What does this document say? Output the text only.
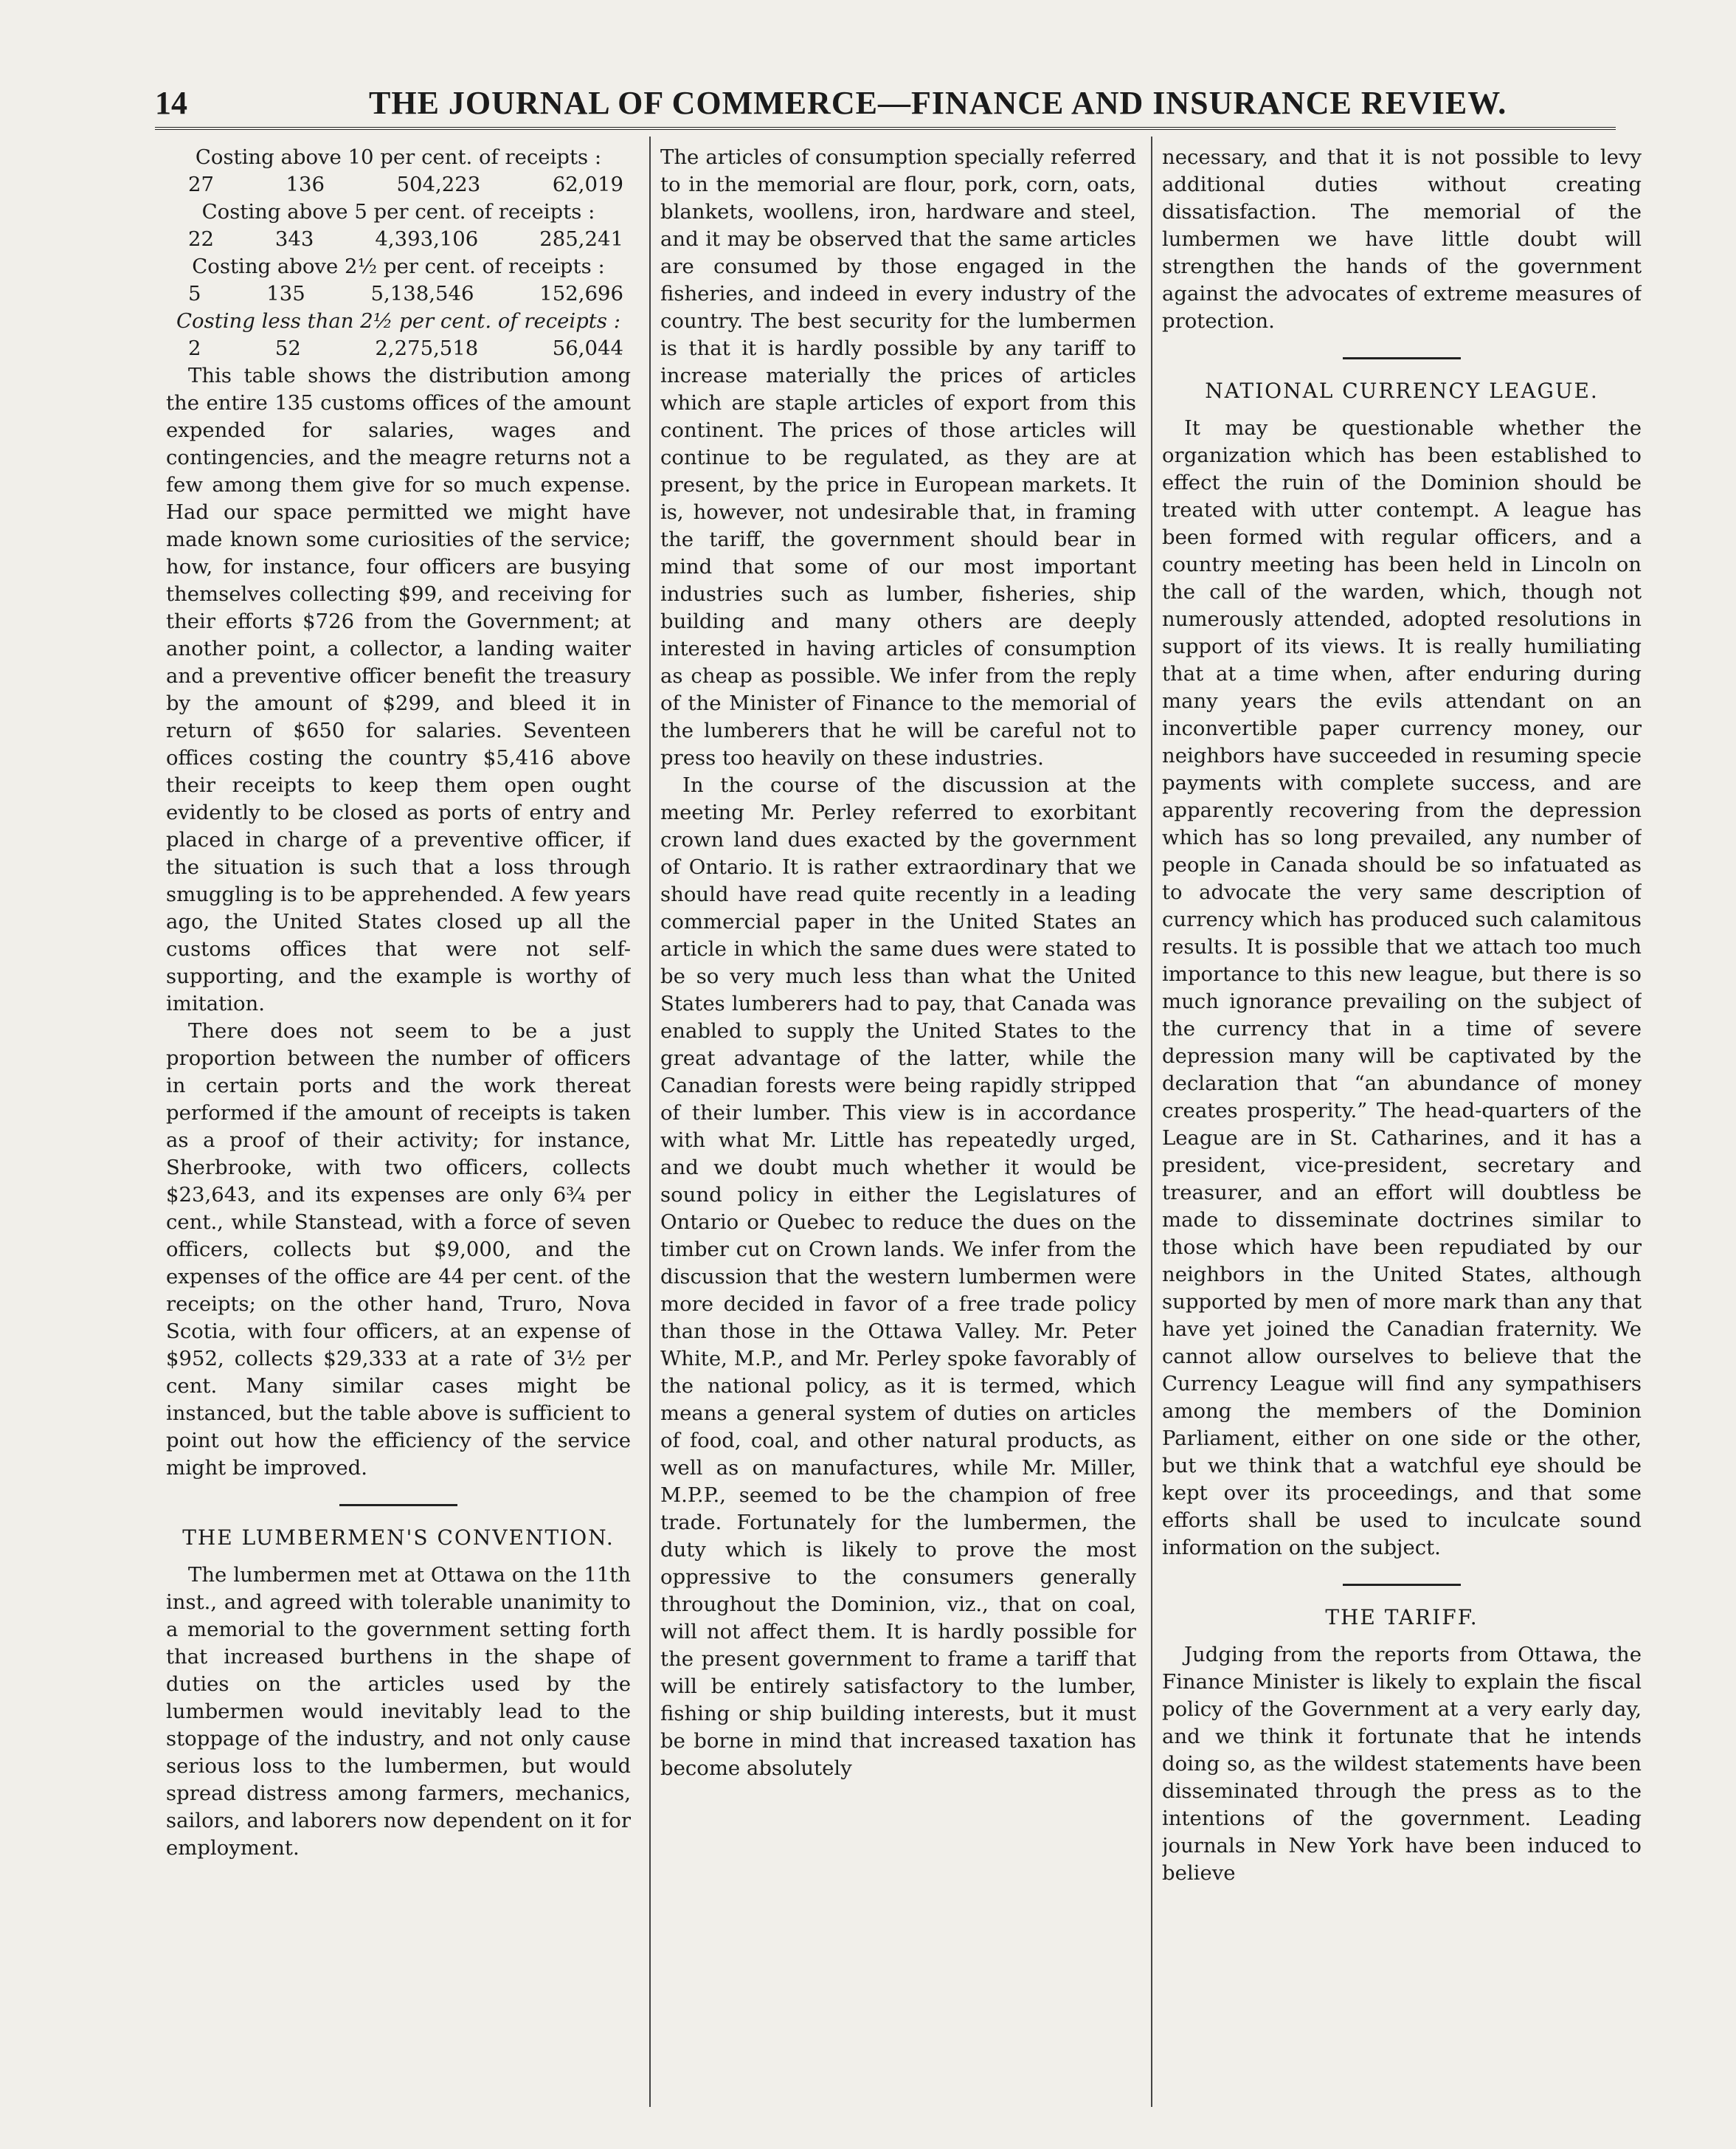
14	THE JOURNAL OF COMMERCE—FINANCE AND INSURANCE REVIEW.
Costing above 10 per cent. of receipts :
27	136	504,223	62,019
Costing above 5 per cent. of receipts :
22	343	4,393,106	285,241
Costing above 2½ per cent. of receipts :
5	135	5,138,546	152,696
Costing less than 2½ per cent. of receipts :
2	52	2,275,518	56,044

This table shows the distribution among the entire 135 customs offices of the amount expended for salaries, wages and contingencies, and the meagre returns not a few among them give for so much expense. Had our space permitted we might have made known some curiosities of the service; how, for instance, four officers are busying themselves collecting $99, and receiving for their efforts $726 from the Government; at another point, a collector, a landing waiter and a preventive officer benefit the treasury by the amount of $299, and bleed it in return of $650 for salaries. Seventeen offices costing the country $5,416 above their receipts to keep them open ought evidently to be closed as ports of entry and placed in charge of a preventive officer, if the situation is such that a loss through smuggling is to be apprehended. A few years ago, the United States closed up all the customs offices that were not self-supporting, and the example is worthy of imitation.

There does not seem to be a just proportion between the number of officers in certain ports and the work thereat performed if the amount of receipts is taken as a proof of their activity; for instance, Sherbrooke, with two officers, collects $23,643, and its expenses are only 6¾ per cent., while Stanstead, with a force of seven officers, collects but $9,000, and the expenses of the office are 44 per cent. of the receipts; on the other hand, Truro, Nova Scotia, with four officers, at an expense of $952, collects $29,333 at a rate of 3½ per cent. Many similar cases might be instanced, but the table above is sufficient to point out how the efficiency of the service might be improved.

THE LUMBERMEN'S CONVENTION.

The lumbermen met at Ottawa on the 11th inst., and agreed with tolerable unanimity to a memorial to the government setting forth that increased burthens in the shape of duties on the articles used by the lumbermen would inevitably lead to the stoppage of the industry, and not only cause serious loss to the lumbermen, but would spread distress among farmers, mechanics, sailors, and laborers now dependent on it for employment.

The articles of consumption specially referred to in the memorial are flour, pork, corn, oats, blankets, woollens, iron, hardware and steel, and it may be observed that the same articles are consumed by those engaged in the fisheries, and indeed in every industry of the country. The best security for the lumbermen is that it is hardly possible by any tariff to increase materially the prices of articles which are staple articles of export from this continent. The prices of those articles will continue to be regulated, as they are at present, by the price in European markets. It is, however, not undesirable that, in framing the tariff, the government should bear in mind that some of our most important industries such as lumber, fisheries, ship building and many others are deeply interested in having articles of consumption as cheap as possible. We infer from the reply of the Minister of Finance to the memorial of the lumberers that he will be careful not to press too heavily on these industries.

In the course of the discussion at the meeting Mr. Perley referred to exorbitant crown land dues exacted by the government of Ontario. It is rather extraordinary that we should have read quite recently in a leading commercial paper in the United States an article in which the same dues were stated to be so very much less than what the United States lumberers had to pay, that Canada was enabled to supply the United States to the great advantage of the latter, while the Canadian forests were being rapidly stripped of their lumber. This view is in accordance with what Mr. Little has repeatedly urged, and we doubt much whether it would be sound policy in either the Legislatures of Ontario or Quebec to reduce the dues on the timber cut on Crown lands. We infer from the discussion that the western lumbermen were more decided in favor of a free trade policy than those in the Ottawa Valley. Mr. Peter White, M.P., and Mr. Perley spoke favorably of the national policy, as it is termed, which means a general system of duties on articles of food, coal, and other natural products, as well as on manufactures, while Mr. Miller, M.P.P., seemed to be the champion of free trade. Fortunately for the lumbermen, the duty which is likely to prove the most oppressive to the consumers generally throughout the Dominion, viz., that on coal, will not affect them. It is hardly possible for the present government to frame a tariff that will be entirely satisfactory to the lumber, fishing or ship building interests, but it must be borne in mind that increased taxation has become absolutely

necessary, and that it is not possible to levy additional duties without creating dissatisfaction. The memorial of the lumbermen we have little doubt will strengthen the hands of the government against the advocates of extreme measures of protection.

NATIONAL CURRENCY LEAGUE.

It may be questionable whether the organization which has been established to effect the ruin of the Dominion should be treated with utter contempt. A league has been formed with regular officers, and a country meeting has been held in Lincoln on the call of the warden, which, though not numerously attended, adopted resolutions in support of its views. It is really humiliating that at a time when, after enduring during many years the evils attendant on an inconvertible paper currency money, our neighbors have succeeded in resuming specie payments with complete success, and are apparently recovering from the depression which has so long prevailed, any number of people in Canada should be so infatuated as to advocate the very same description of currency which has produced such calamitous results. It is possible that we attach too much importance to this new league, but there is so much ignorance prevailing on the subject of the currency that in a time of severe depression many will be captivated by the declaration that “an abundance of money creates prosperity.” The head-quarters of the League are in St. Catharines, and it has a president, vice-president, secretary and treasurer, and an effort will doubtless be made to disseminate doctrines similar to those which have been repudiated by our neighbors in the United States, although supported by men of more mark than any that have yet joined the Canadian fraternity. We cannot allow ourselves to believe that the Currency League will find any sympathisers among the members of the Dominion Parliament, either on one side or the other, but we think that a watchful eye should be kept over its proceedings, and that some efforts shall be used to inculcate sound information on the subject.

THE TARIFF.

Judging from the reports from Ottawa, the Finance Minister is likely to explain the fiscal policy of the Government at a very early day, and we think it fortunate that he intends doing so, as the wildest statements have been disseminated through the press as to the intentions of the government. Leading journals in New York have been induced to believe
